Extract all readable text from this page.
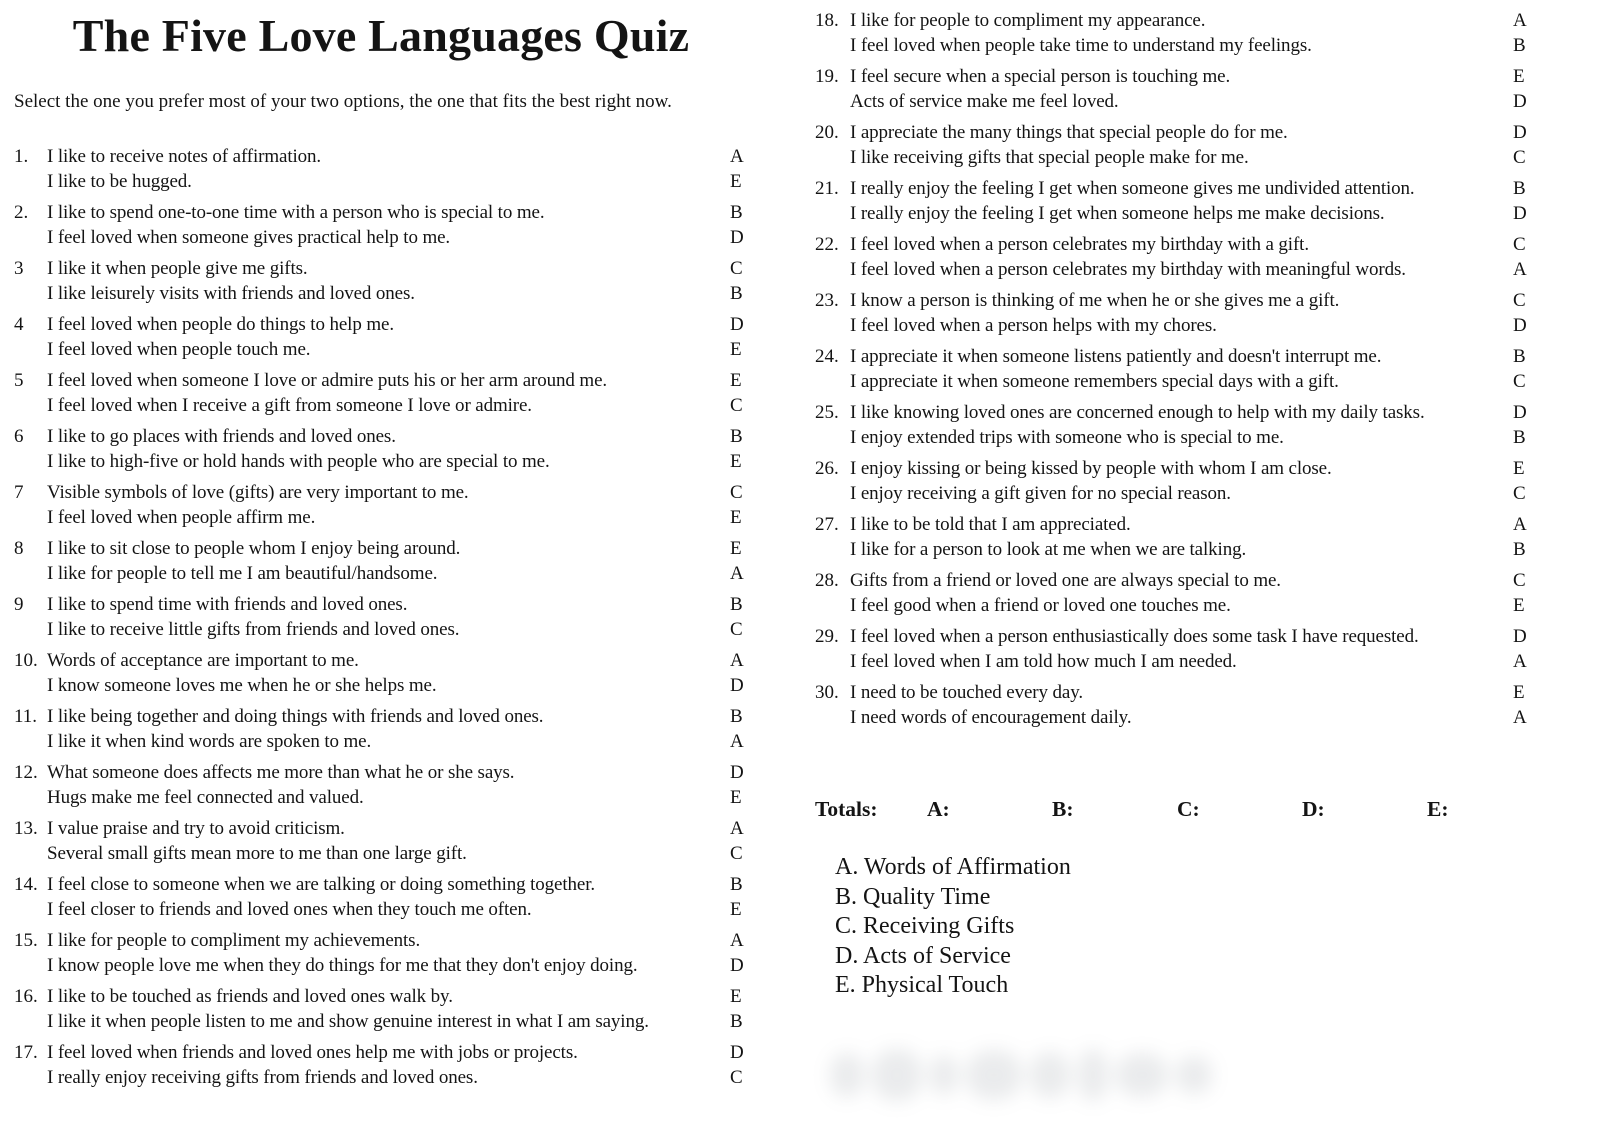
The Five Love Languages Quiz

Select the one you prefer most of your two options, the one that fits the best right now.

1. I like to receive notes of affirmation.	A
I like to be hugged.	E
2. I like to spend one-to-one time with a person who is special to me.	B
I feel loved when someone gives practical help to me.	D
3	I like it when people give me gifts.	C
I like leisurely visits with friends and loved ones.	B
4	I feel loved when people do things to help me.	D
I feel loved when people touch me.	E
5	I feel loved when someone I love or admire puts his or her arm around me.	E
I feel loved when I receive a gift from someone I love or admire.	C
6	I like to go places with friends and loved ones.	B
I like to high-five or hold hands with people who are special to me.	E
7	Visible symbols of love (gifts) are very important to me.	C
I feel loved when people affirm me.	E
8	I like to sit close to people whom I enjoy being around.	E
I like for people to tell me I am beautiful/handsome.	A
9	I like to spend time with friends and loved ones.	B
I like to receive little gifts from friends and loved ones.	C
10. Words of acceptance are important to me.	A
I know someone loves me when he or she helps me.	D
11. I like being together and doing things with friends and loved ones.	B
I like it when kind words are spoken to me.	A
12. What someone does affects me more than what he or she says.	D
Hugs make me feel connected and valued.	E
13. I value praise and try to avoid criticism.	A
Several small gifts mean more to me than one large gift.	C
14. I feel close to someone when we are talking or doing something together.	B
I feel closer to friends and loved ones when they touch me often.	E
15. I like for people to compliment my achievements.	A
I know people love me when they do things for me that they don't enjoy doing.	D
16. I like to be touched as friends and loved ones walk by.	E
I like it when people listen to me and show genuine interest in what I am saying.	B
17. I feel loved when friends and loved ones help me with jobs or projects.	D
I really enjoy receiving gifts from friends and loved ones.	C
18. I like for people to compliment my appearance.	A
I feel loved when people take time to understand my feelings.	B
19. I feel secure when a special person is touching me.	E
Acts of service make me feel loved.	D
20. I appreciate the many things that special people do for me.	D
I like receiving gifts that special people make for me.	C
21. I really enjoy the feeling I get when someone gives me undivided attention.	B
I really enjoy the feeling I get when someone helps me make decisions.	D
22. I feel loved when a person celebrates my birthday with a gift.	C
I feel loved when a person celebrates my birthday with meaningful words.	A
23. I know a person is thinking of me when he or she gives me a gift.	C
I feel loved when a person helps with my chores.	D
24. I appreciate it when someone listens patiently and doesn't interrupt me.	B
I appreciate it when someone remembers special days with a gift.	C
25. I like knowing loved ones are concerned enough to help with my daily tasks.	D
I enjoy extended trips with someone who is special to me.	B
26. I enjoy kissing or being kissed by people with whom I am close.	E
I enjoy receiving a gift given for no special reason.	C
27. I like to be told that I am appreciated.	A
I like for a person to look at me when we are talking.	B
28. Gifts from a friend or loved one are always special to me.	C
I feel good when a friend or loved one touches me.	E
29. I feel loved when a person enthusiastically does some task I have requested.	D
I feel loved when I am told how much I am needed.	A
30. I need to be touched every day.	E
I need words of encouragement daily.	A
Totals:	A:	B:	C:	D:	E:
A. Words of Affirmation
B. Quality Time
C. Receiving Gifts
D. Acts of Service
E. Physical Touch
